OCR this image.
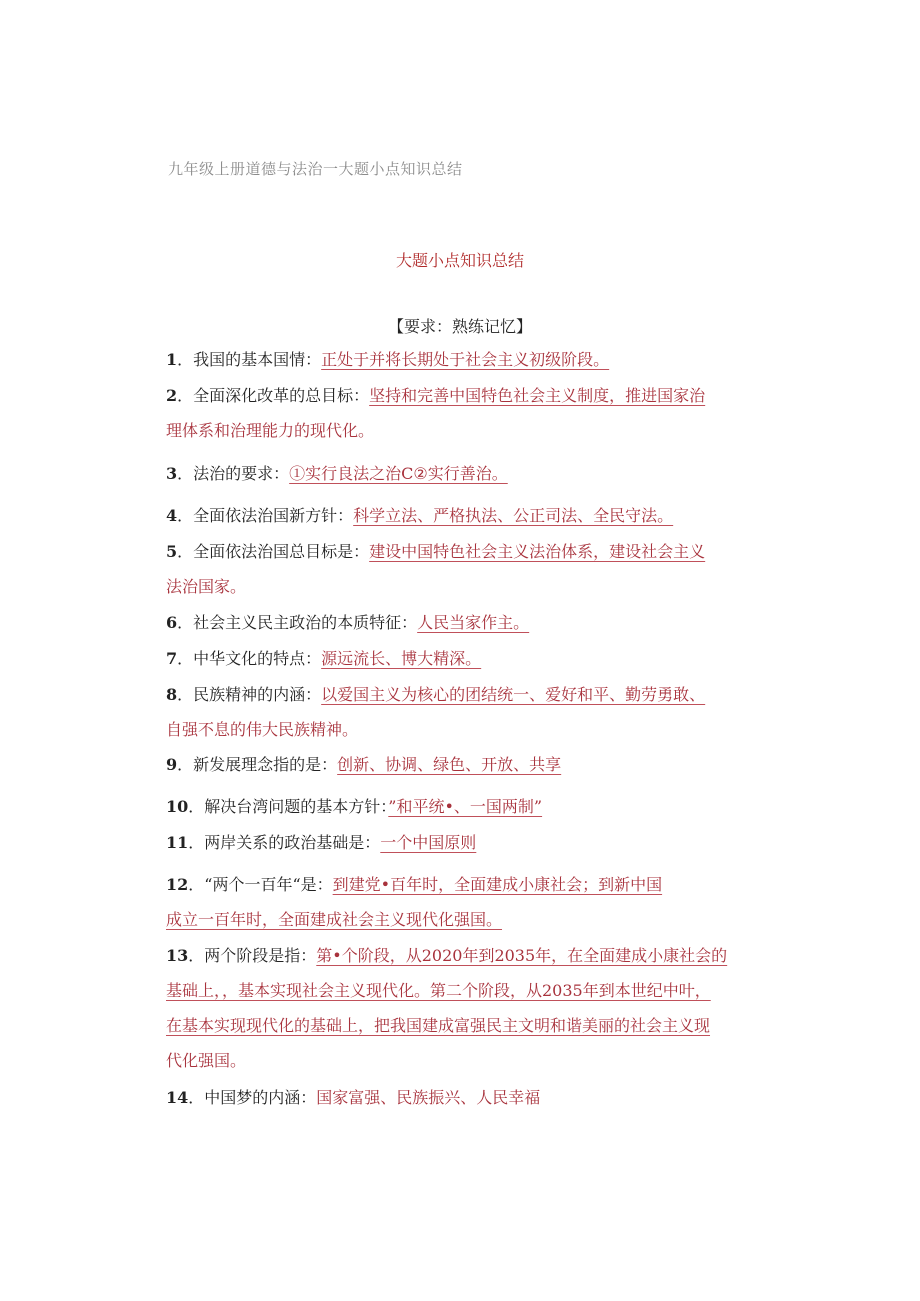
九年级上册道德与法治一大题小点知识总结
大题小点知识总结
【要求：熟练记忆】
1．我国的基本国情：正处于并将长期处于社会主义初级阶段。
2．全面深化改革的总目标：坚持和完善中国特色社会主义制度，推进国家治
理体系和治理能力的现代化。
3．法治的要求：①实行良法之治C②实行善治。
4．全面依法治国新方针：科学立法、严格执法、公正司法、全民守法。
5．全面依法治国总目标是：建设中国特色社会主义法治体系，建设社会主义
法治国家。
6．社会主义民主政治的本质特征：人民当家作主。
7．中华文化的特点：源远流长、博大精深。
8．民族精神的内涵：以爱国主义为核心的团结统一、爱好和平、勤劳勇敢、
自强不息的伟大民族精神。
9．新发展理念指的是：创新、协调、绿色、开放、共享
10．解决台湾问题的基本方针：”和平统•、一国两制”
11．两岸关系的政治基础是：一个中国原则
12．“两个一百年“是：到建党•百年时，全面建成小康社会；到新中国
成立一百年时，全面建成社会主义现代化强国。
13．两个阶段是指：第•个阶段，从2020年到2035年，在全面建成小康社会的
基础上，，基本实现社会主义现代化。第二个阶段，从2035年到本世纪中叶，
在基本实现现代化的基础上，把我国建成富强民主文明和谐美丽的社会主义现
代化强国。
14．中国梦的内涵：国家富强、民族振兴、人民幸福
